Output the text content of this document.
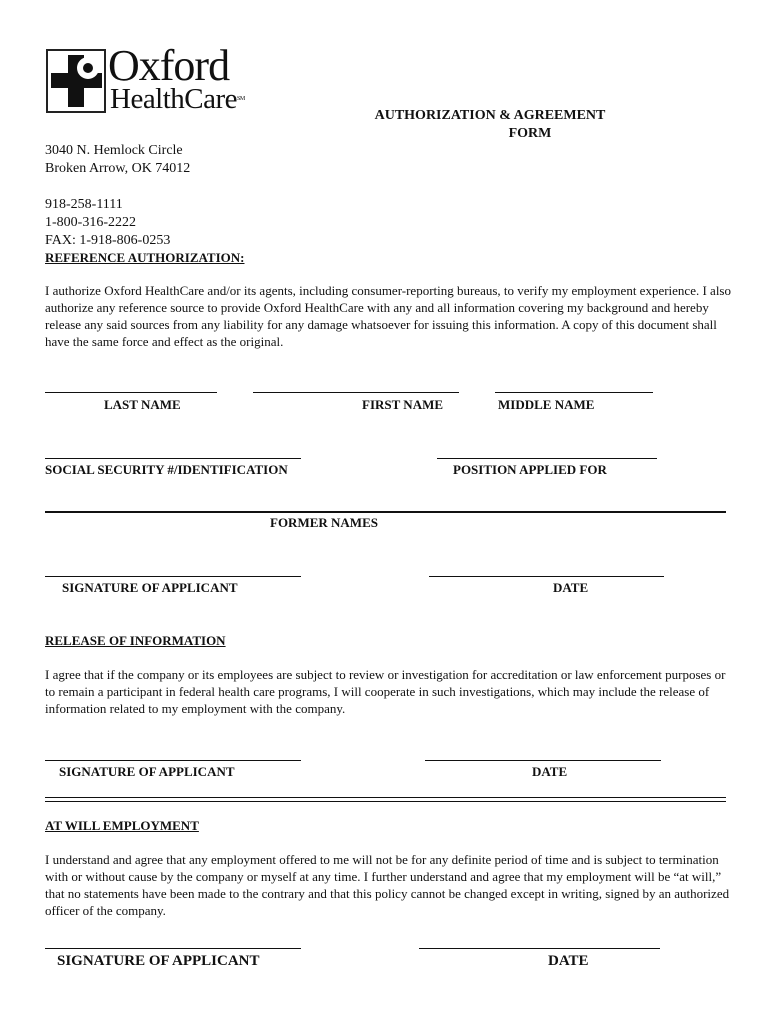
Oxford
HealthCare℠
AUTHORIZATION & AGREEMENT
FORM
3040 N. Hemlock Circle
Broken Arrow, OK 74012
918-258-1111
1-800-316-2222
FAX: 1-918-806-0253
REFERENCE AUTHORIZATION:
I authorize Oxford HealthCare and/or its agents, including consumer-reporting bureaus, to verify my employment experience. I also authorize any reference source to provide Oxford HealthCare with any and all information covering my background and hereby release any said sources from any liability for any damage whatsoever for issuing this information. A copy of this document shall have the same force and effect as the original.
LAST NAME	FIRST NAME	MIDDLE NAME
SOCIAL SECURITY #/IDENTIFICATION	POSITION APPLIED FOR
FORMER NAMES
SIGNATURE OF APPLICANT	DATE
RELEASE OF INFORMATION
I agree that if the company or its employees are subject to review or investigation for accreditation or law enforcement purposes or to remain a participant in federal health care programs, I will cooperate in such investigations, which may include the release of information related to my employment with the company.
SIGNATURE OF APPLICANT	DATE
AT WILL EMPLOYMENT
I understand and agree that any employment offered to me will not be for any definite period of time and is subject to termination with or without cause by the company or myself at any time. I further understand and agree that my employment will be “at will,” that no statements have been made to the contrary and that this policy cannot be changed except in writing, signed by an authorized officer of the company.
SIGNATURE OF APPLICANT	DATE
